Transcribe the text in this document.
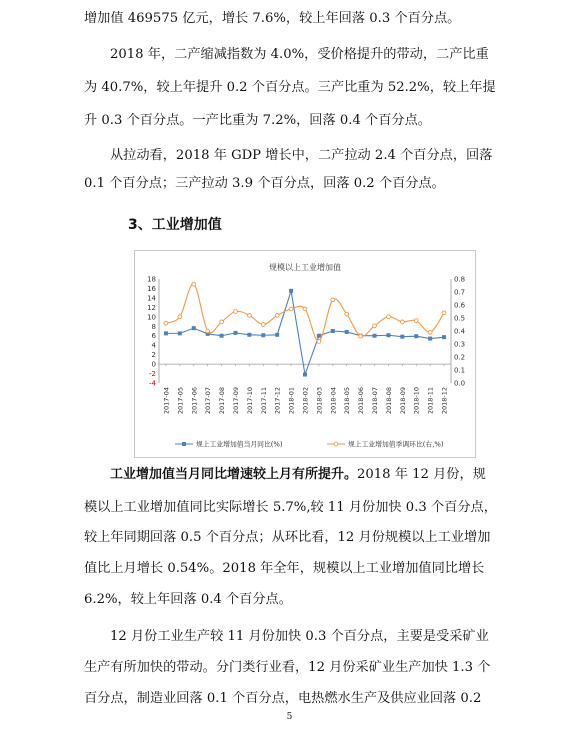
增加值 469575 亿元，增长 7.6%，较上年回落 0.3 个百分点。
2018 年，二产缩减指数为 4.0%，受价格提升的带动，二产比重
为 40.7%，较上年提升 0.2 个百分点。三产比重为 52.2%，较上年提
升 0.3 个百分点。一产比重为 7.2%，回落 0.4 个百分点。
从拉动看，2018 年 GDP 增长中，二产拉动 2.4 个百分点，回落
0.1 个百分点；三产拉动 3.9 个百分点，回落 0.2 个百分点。
3、工业增加值
规模以上工业增加值
18
16
14
12
10
8
6
4
2
0
-2
-4
0.8
0.7
0.6
0.5
0.4
0.3
0.2
0.1
0.0
2017-04 2017-05 2017-06 2017-07 2017-08 2017-09 2017-10 2017-11 2017-12 2018-01 2018-02 2018-03 2018-04 2018-05 2018-06 2018-07 2018-08 2018-09 2018-10 2018-11 2018-12
规上工业增加值当月同比(%)	规上工业增加值季调环比(右,%)
工业增加值当月同比增速较上月有所提升。2018 年 12 月份，规
模以上工业增加值同比实际增长 5.7%,较 11 月份加快 0.3 个百分点，
较上年同期回落 0.5 个百分点；从环比看，12 月份规模以上工业增加
值比上月增长 0.54%。2018 年全年，规模以上工业增加值同比增长
6.2%，较上年回落 0.4 个百分点。
12 月份工业生产较 11 月份加快 0.3 个百分点，主要是受采矿业
生产有所加快的带动。分门类行业看，12 月份采矿业生产加快 1.3 个
百分点，制造业回落 0.1 个百分点，电热燃水生产及供应业回落 0.2
5
